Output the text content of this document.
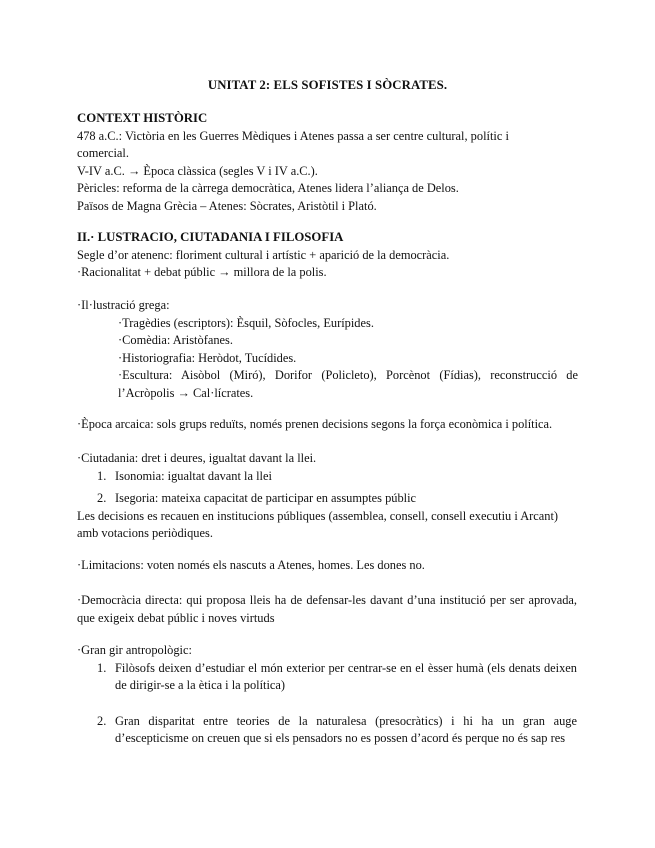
UNITAT 2: ELS SOFISTES I SÒCRATES.
CONTEXT HISTÒRIC
478 a.C.: Victòria en les Guerres Mèdiques i Atenes passa a ser centre cultural, polític i comercial.
V-IV a.C. → Època clàssica (segles V i IV a.C.).
Pèricles: reforma de la càrrega democràtica, Atenes lidera l’aliança de Delos.
Països de Magna Grècia – Atenes: Sòcrates, Aristòtil i Plató.
II.· LUSTRACIO, CIUTADANIA I FILOSOFIA
Segle d’or atenenc: floriment cultural i artístic + aparició de la democràcia.
·Racionalitat + debat públic → millora de la polis.
·Il·lustració grega:
·Tragèdies (escriptors): Èsquil, Sòfocles, Eurípides.
·Comèdia: Aristòfanes.
·Historiografia: Heròdot, Tucídides.
·Escultura: Aisòbol (Miró), Dorifor (Policleto), Porcènot (Fídias), reconstrucció de l’Acròpolis → Cal·lícrates.
·Època arcaica: sols grups reduïts, només prenen decisions segons la força econòmica i política.
·Ciutadania: dret i deures, igualtat davant la llei.
1. Isonomia: igualtat davant la llei
2. Isegoria: mateixa capacitat de participar en assumptes públic
Les decisions es recauen en institucions públiques (assemblea, consell, consell executiu i Arcant) amb votacions periòdiques.
·Limitacions: voten només els nascuts a Atenes, homes. Les dones no.
·Democràcia directa: qui proposa lleis ha de defensar-les davant d’una institució per ser aprovada, que exigeix debat públic i noves virtuds
·Gran gir antropològic:
1. Filòsofs deixen d’estudiar el món exterior per centrar-se en el èsser humà (els denats deixen de dirigir-se a la ètica i la política)
2. Gran disparitat entre teories de la naturalesa (presocràtics) i hi ha un gran auge d’escepticisme on creuen que si els pensadors no es possen d’acord és perque no és sap res
